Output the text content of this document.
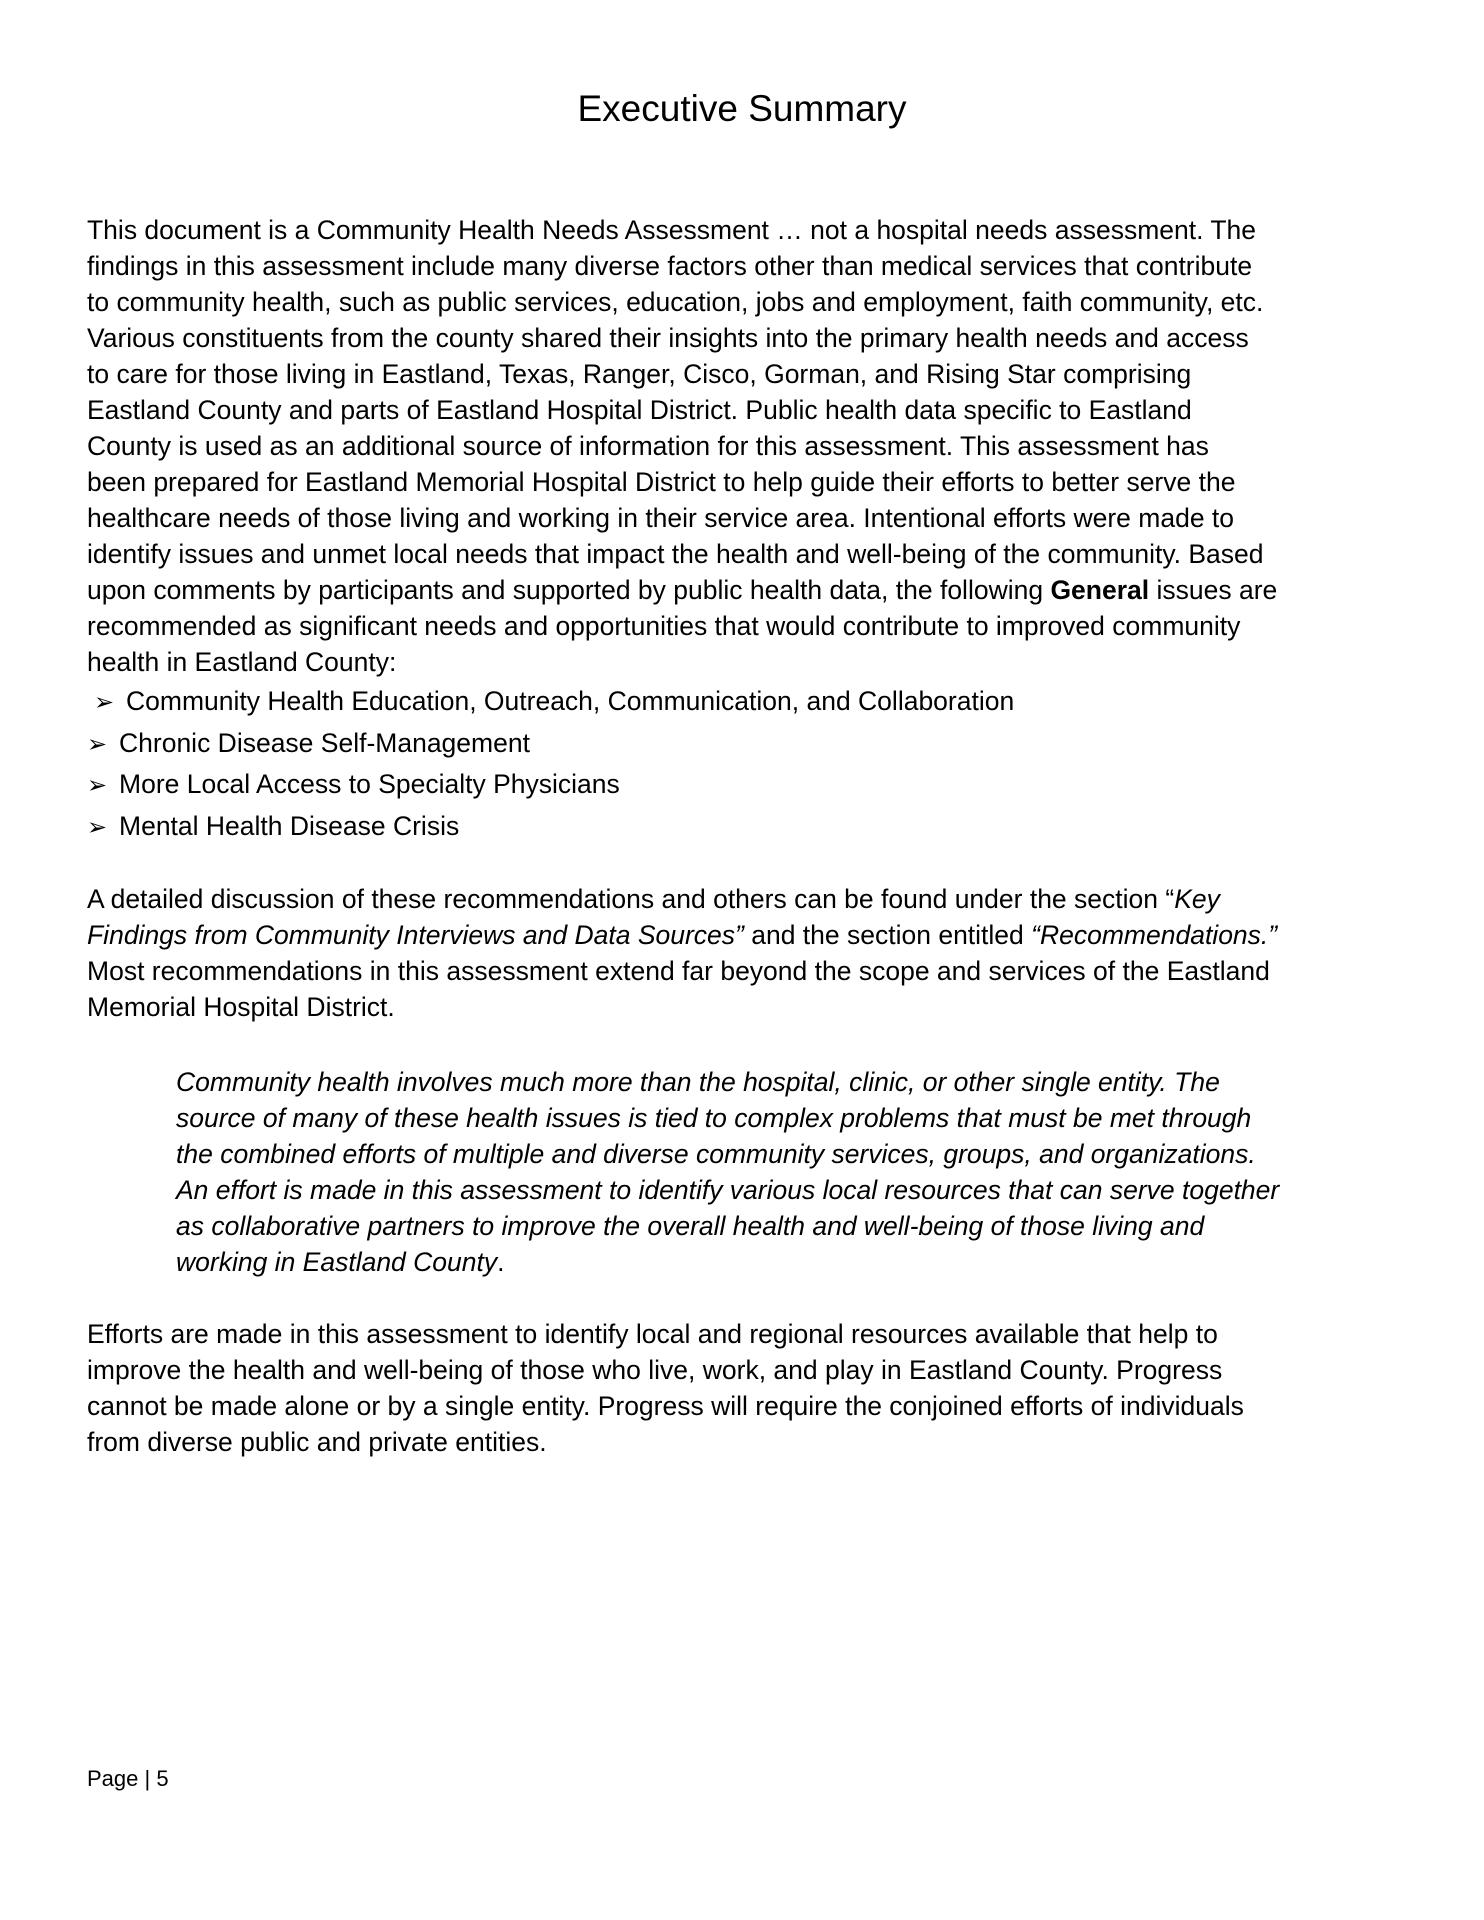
Executive Summary
This document is a Community Health Needs Assessment … not a hospital needs assessment. The
findings in this assessment include many diverse factors other than medical services that contribute
to community health, such as public services, education, jobs and employment, faith community, etc.
Various constituents from the county shared their insights into the primary health needs and access
to care for those living in Eastland, Texas, Ranger, Cisco, Gorman, and Rising Star comprising
Eastland County and parts of Eastland Hospital District. Public health data specific to Eastland
County is used as an additional source of information for this assessment. This assessment has
been prepared for Eastland Memorial Hospital District to help guide their efforts to better serve the
healthcare needs of those living and working in their service area. Intentional efforts were made to
identify issues and unmet local needs that impact the health and well-being of the community. Based
upon comments by participants and supported by public health data, the following General issues are
recommended as significant needs and opportunities that would contribute to improved community
health in Eastland County:
➢ Community Health Education, Outreach, Communication, and Collaboration
➢ Chronic Disease Self-Management
➢ More Local Access to Specialty Physicians
➢ Mental Health Disease Crisis
A detailed discussion of these recommendations and others can be found under the section “Key
Findings from Community Interviews and Data Sources” and the section entitled “Recommendations.”
Most recommendations in this assessment extend far beyond the scope and services of the Eastland
Memorial Hospital District.
Community health involves much more than the hospital, clinic, or other single entity. The
source of many of these health issues is tied to complex problems that must be met through
the combined efforts of multiple and diverse community services, groups, and organizations.
An effort is made in this assessment to identify various local resources that can serve together
as collaborative partners to improve the overall health and well-being of those living and
working in Eastland County.
Efforts are made in this assessment to identify local and regional resources available that help to
improve the health and well-being of those who live, work, and play in Eastland County. Progress
cannot be made alone or by a single entity. Progress will require the conjoined efforts of individuals
from diverse public and private entities.
Page | 5
